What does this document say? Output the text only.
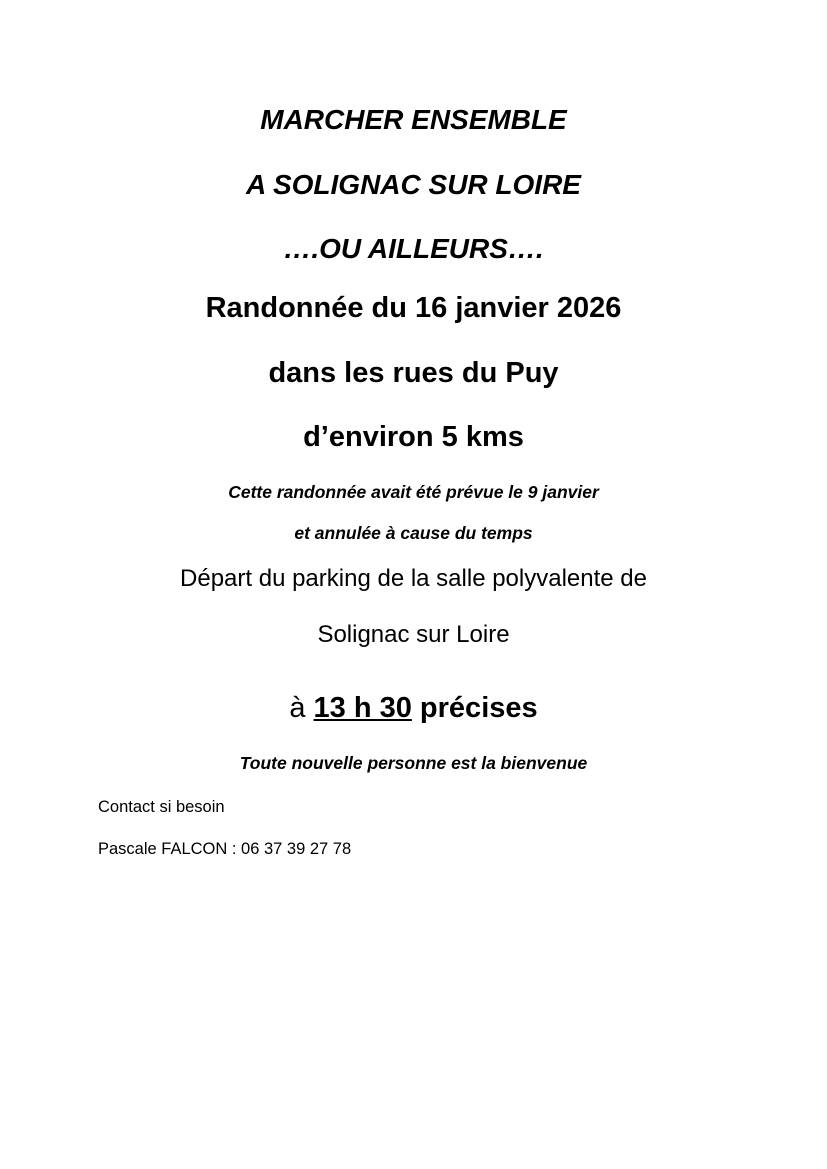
MARCHER ENSEMBLE
A SOLIGNAC SUR LOIRE
….OU AILLEURS….
Randonnée du 16 janvier 2026
dans les rues du Puy
d’environ 5 kms
Cette randonnée avait été prévue le 9 janvier
et annulée à cause du temps
Départ du parking de la salle polyvalente de
Solignac sur Loire
à 13 h 30 précises
Toute nouvelle personne est la bienvenue
Contact si besoin
Pascale FALCON : 06 37 39 27 78
